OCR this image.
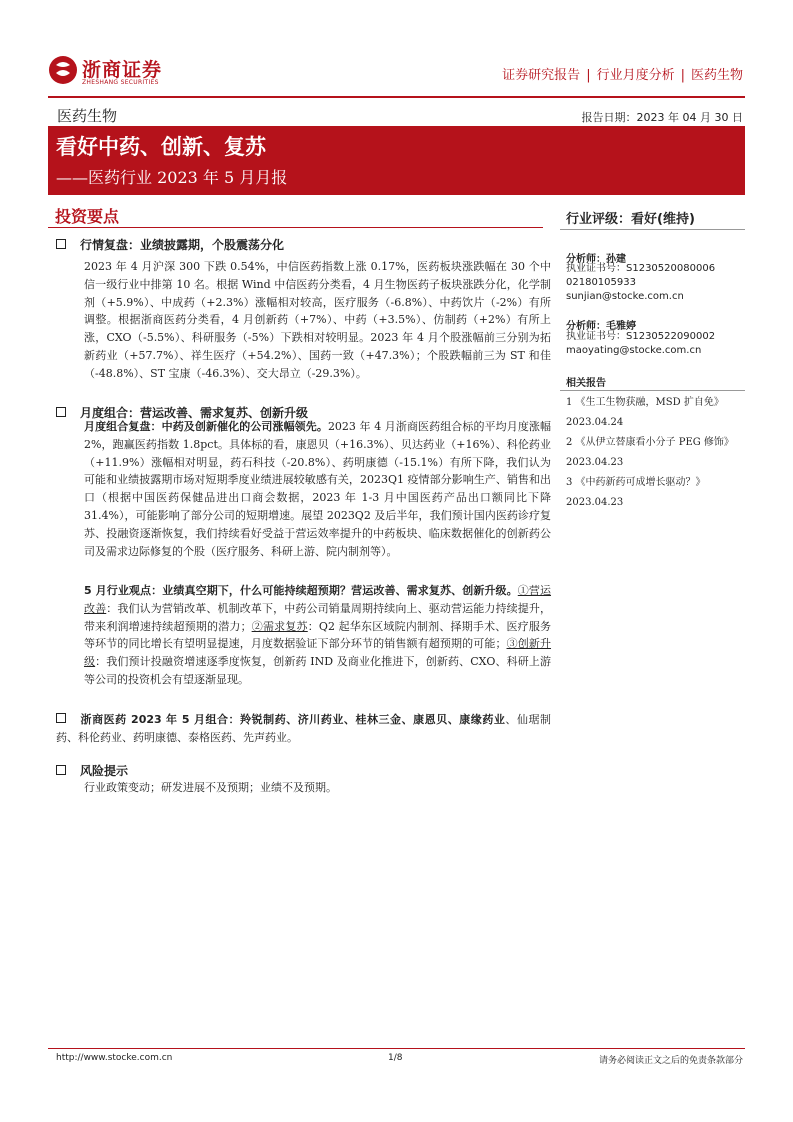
浙商证券
ZHESHANG SECURITIES	证券研究报告 | 行业月度分析 | 医药生物
医药生物	报告日期：2023 年 04 月 30 日
看好中药、创新、复苏
——医药行业 2023 年 5 月月报
投资要点
行情复盘：业绩披露期，个股震荡分化
2023 年 4 月沪深 300 下跌 0.54%，中信医药指数上涨 0.17%，医药板块涨跌幅在 30 个中信一级行业中排第 10 名。根据 Wind 中信医药分类看，4 月生物医药子板块涨跌分化，化学制剂（+5.9%）、中成药（+2.3%）涨幅相对较高，医疗服务（-6.8%）、中药饮片（-2%）有所调整。根据浙商医药分类看，4 月创新药（+7%）、中药（+3.5%）、仿制药（+2%）有所上涨，CXO（-5.5%）、科研服务（-5%）下跌相对较明显。2023 年 4 月个股涨幅前三分别为拓新药业（+57.7%）、祥生医疗（+54.2%）、国药一致（+47.3%）；个股跌幅前三为 ST 和佳（-48.8%）、ST 宝康（-46.3%）、交大昂立（-29.3%）。
月度组合：营运改善、需求复苏、创新升级
月度组合复盘：中药及创新催化的公司涨幅领先。2023 年 4 月浙商医药组合标的平均月度涨幅 2%，跑赢医药指数 1.8pct。具体标的看，康恩贝（+16.3%）、贝达药业（+16%）、科伦药业（+11.9%）涨幅相对明显，药石科技（-20.8%）、药明康德（-15.1%）有所下降，我们认为可能和业绩披露期市场对短期季度业绩进展较敏感有关，2023Q1 疫情部分影响生产、销售和出口（根据中国医药保健品进出口商会数据，2023 年 1-3 月中国医药产品出口额同比下降 31.4%），可能影响了部分公司的短期增速。展望 2023Q2 及后半年，我们预计国内医药诊疗复苏、投融资逐渐恢复，我们持续看好受益于营运效率提升的中药板块、临床数据催化的创新药公司及需求边际修复的个股（医疗服务、科研上游、院内制剂等）。
5 月行业观点：业绩真空期下，什么可能持续超预期？营运改善、需求复苏、创新升级。①营运改善：我们认为营销改革、机制改革下，中药公司销量周期持续向上、驱动营运能力持续提升，带来利润增速持续超预期的潜力；②需求复苏：Q2 起华东区域院内制剂、择期手术、医疗服务等环节的同比增长有望明显提速，月度数据验证下部分环节的销售额有超预期的可能；③创新升级：我们预计投融资增速逐季度恢复，创新药 IND 及商业化推进下，创新药、CXO、科研上游等公司的投资机会有望逐渐显现。
浙商医药 2023 年 5 月组合：羚锐制药、济川药业、桂林三金、康恩贝、康缘药业、仙琚制药、科伦药业、药明康德、泰格医药、先声药业。
风险提示
行业政策变动；研发进展不及预期；业绩不及预期。
行业评级：看好(维持)
分析师：孙建
执业证书号：S1230520080006
02180105933
sunjian@stocke.com.cn
分析师：毛雅婷
执业证书号：S1230522090002
maoyating@stocke.com.cn
相关报告
1 《生工生物获融，MSD 扩自免》 2023.04.24
2 《从伊立替康看小分子 PEG 修饰》 2023.04.23
3 《中药新药可成增长驱动？》 2023.04.23
http://www.stocke.com.cn	1/8	请务必阅读正文之后的免责条款部分
